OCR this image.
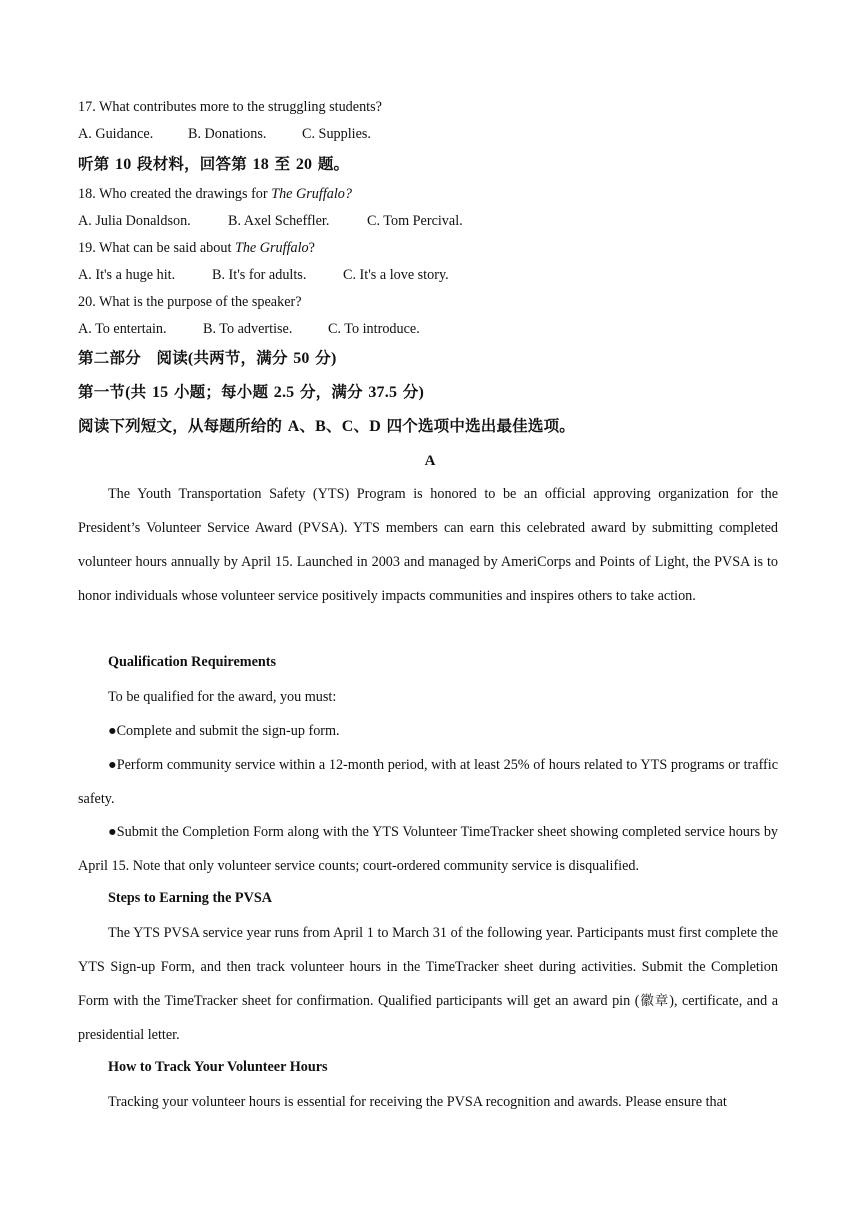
17. What contributes more to the struggling students?
A. Guidance. B. Donations.	C. Supplies.
听第 10 段材料，回答第 18 至 20 题。
18. Who created the drawings for The Gruffalo?
A. Julia Donaldson.	B. Axel Scheffler.	C. Tom Percival.
19. What can be said about The Gruffalo?
A. It's a huge hit.	B. It's for adults.	C. It's a love story.
20. What is the purpose of the speaker?
A. To entertain.	B. To advertise.	C. To introduce.
第二部分　阅读(共两节，满分 50 分)
第一节(共 15 小题；每小题 2.5 分，满分 37.5 分)
阅读下列短文，从每题所给的 A、B、C、D 四个选项中选出最佳选项。
A
The Youth Transportation Safety (YTS) Program is honored to be an official approving organization for the President’s Volunteer Service Award (PVSA). YTS members can earn this celebrated award by submitting completed volunteer hours annually by April 15. Launched in 2003 and managed by AmeriCorps and Points of Light, the PVSA is to honor individuals whose volunteer service positively impacts communities and inspires others to take action.
Qualification Requirements
To be qualified for the award, you must:
●Complete and submit the sign-up form.
●Perform community service within a 12-month period, with at least 25% of hours related to YTS programs or traffic safety.
●Submit the Completion Form along with the YTS Volunteer TimeTracker sheet showing completed service hours by April 15. Note that only volunteer service counts; court-ordered community service is disqualified.
Steps to Earning the PVSA
The YTS PVSA service year runs from April 1 to March 31 of the following year. Participants must first complete the YTS Sign-up Form, and then track volunteer hours in the TimeTracker sheet during activities. Submit the Completion Form with the TimeTracker sheet for confirmation. Qualified participants will get an award pin (徽章), certificate, and a presidential letter.
How to Track Your Volunteer Hours
Tracking your volunteer hours is essential for receiving the PVSA recognition and awards. Please ensure that
